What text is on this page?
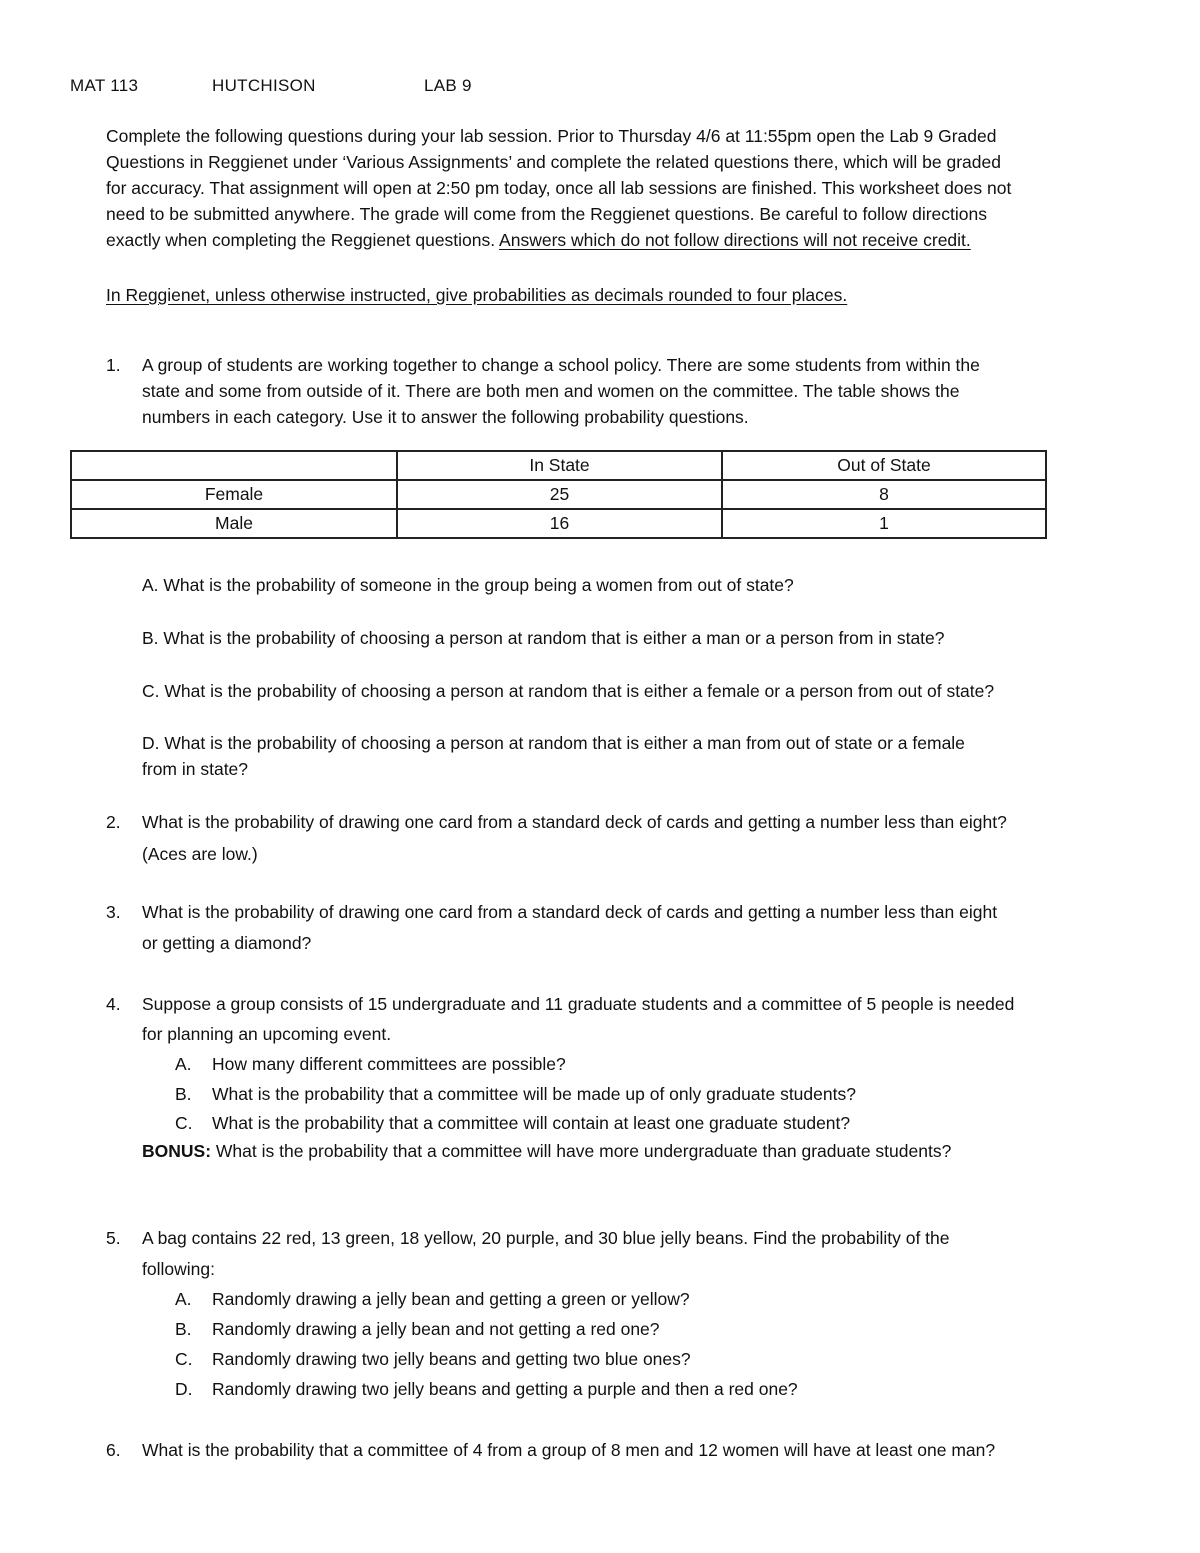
MAT 113	HUTCHISON	LAB 9
Complete the following questions during your lab session. Prior to Thursday 4/6 at 11:55pm open the Lab 9 Graded
Questions in Reggienet under ‘Various Assignments’ and complete the related questions there, which will be graded
for accuracy. That assignment will open at 2:50 pm today, once all lab sessions are finished. This worksheet does not
need to be submitted anywhere. The grade will come from the Reggienet questions. Be careful to follow directions
exactly when completing the Reggienet questions. Answers which do not follow directions will not receive credit.
In Reggienet, unless otherwise instructed, give probabilities as decimals rounded to four places.
1. A group of students are working together to change a school policy. There are some students from within the
state and some from outside of it. There are both men and women on the committee. The table shows the
numbers in each category. Use it to answer the following probability questions.
	In State	Out of State
Female	25	8
Male	16	1
A. What is the probability of someone in the group being a women from out of state?
B. What is the probability of choosing a person at random that is either a man or a person from in state?
C. What is the probability of choosing a person at random that is either a female or a person from out of state?
D. What is the probability of choosing a person at random that is either a man from out of state or a female
from in state?
2. What is the probability of drawing one card from a standard deck of cards and getting a number less than eight?
(Aces are low.)
3. What is the probability of drawing one card from a standard deck of cards and getting a number less than eight
or getting a diamond?
4. Suppose a group consists of 15 undergraduate and 11 graduate students and a committee of 5 people is needed
for planning an upcoming event.
A. How many different committees are possible?
B. What is the probability that a committee will be made up of only graduate students?
C. What is the probability that a committee will contain at least one graduate student?
BONUS: What is the probability that a committee will have more undergraduate than graduate students?
5. A bag contains 22 red, 13 green, 18 yellow, 20 purple, and 30 blue jelly beans. Find the probability of the
following:
A. Randomly drawing a jelly bean and getting a green or yellow?
B. Randomly drawing a jelly bean and not getting a red one?
C. Randomly drawing two jelly beans and getting two blue ones?
D. Randomly drawing two jelly beans and getting a purple and then a red one?
6. What is the probability that a committee of 4 from a group of 8 men and 12 women will have at least one man?
